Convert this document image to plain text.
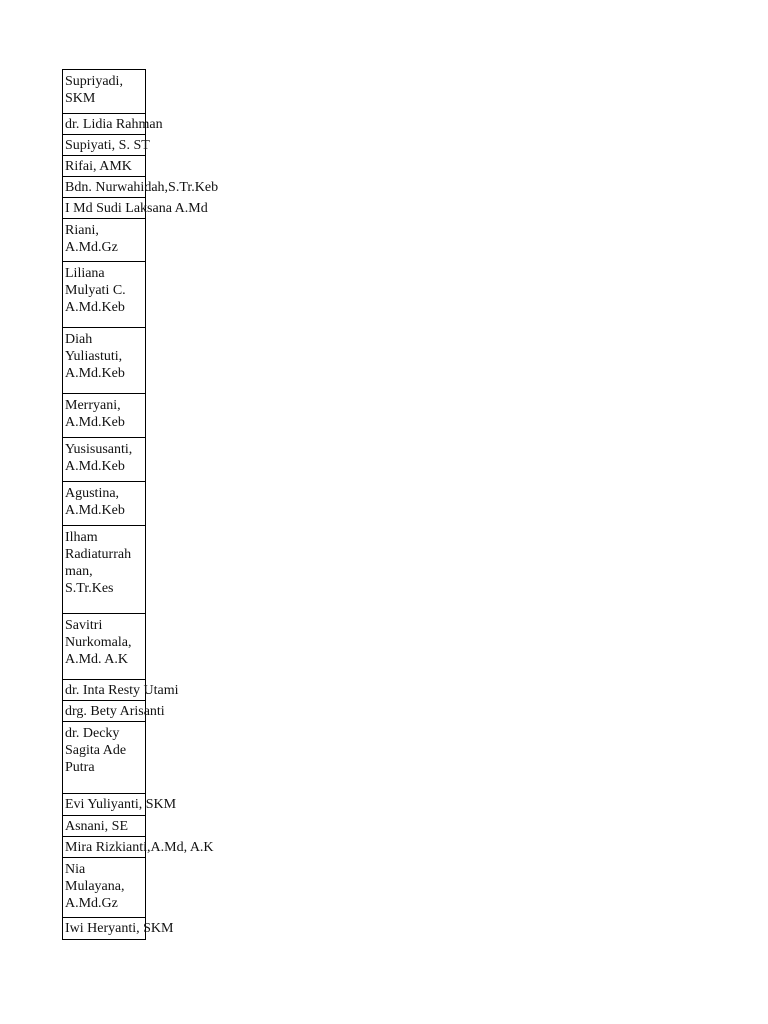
Supriyadi,
SKM
dr. Lidia Rahman
Supiyati, S. ST
Rifai, AMK
Bdn. Nurwahidah,S.Tr.Keb
I Md Sudi Laksana A.Md
Riani,
A.Md.Gz
Liliana
Mulyati C.
A.Md.Keb
Diah
Yuliastuti,
A.Md.Keb
Merryani,
A.Md.Keb
Yusisusanti,
A.Md.Keb
Agustina,
A.Md.Keb
Ilham
Radiaturrah
man,
S.Tr.Kes
Savitri
Nurkomala,
A.Md. A.K
dr. Inta Resty Utami
drg. Bety Arisanti
dr. Decky
Sagita Ade
Putra
Evi Yuliyanti, SKM
Asnani, SE
Mira Rizkianti,A.Md, A.K
Nia
Mulayana,
A.Md.Gz
Iwi Heryanti, SKM
